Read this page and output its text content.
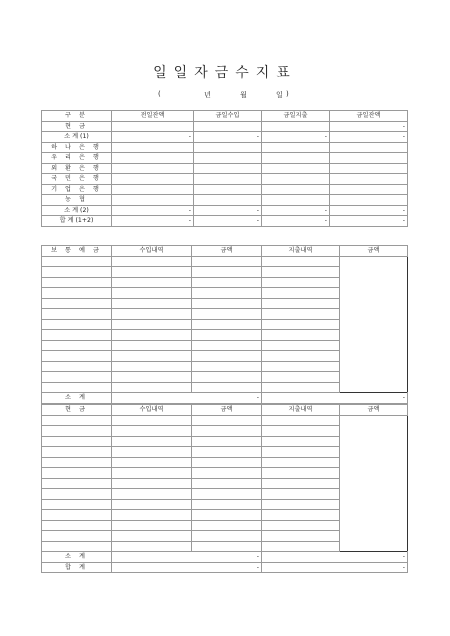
일일자금수지표
(	년	월	일 )
구 분	전일잔액	금일수입	금일지출	금일잔액
현 금				-
소 계 (1)	-	-	-	-
하 나 은 행				
우 리 은 행				
외 환 은 행				
국 민 은 행				
기 업 은 행				
농 협				
소 계 (2)	-	-	-	-
합 계 (1+2)	-	-	-	-
보 통 예 금	수입내역	금액	지출내역	금액

소 계	-		-	
현 금	수입내역	금액	지출내역	금액

소 계	-		-	
합 계	-		-	
